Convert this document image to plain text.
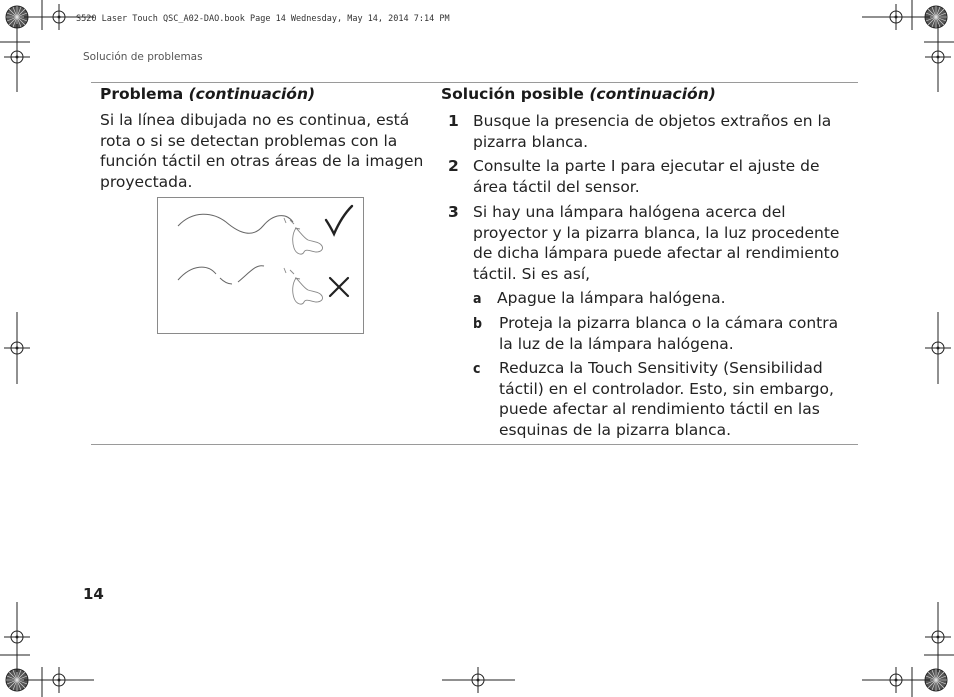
S520 Laser Touch QSC_A02-DAO.book Page 14 Wednesday, May 14, 2014 7:14 PM
Solución de problemas
Problema (continuación)	Solución posible (continuación)
Si la línea dibujada no es continua, está rota o si se detectan problemas con la función táctil en otras áreas de la imagen proyectada.
1 Busque la presencia de objetos extraños en la pizarra blanca.
2 Consulte la parte I para ejecutar el ajuste de área táctil del sensor.
3 Si hay una lámpara halógena acerca del proyector y la pizarra blanca, la luz procedente de dicha lámpara puede afectar al rendimiento táctil. Si es así,
a Apague la lámpara halógena.
b Proteja la pizarra blanca o la cámara contra la luz de la lámpara halógena.
c Reduzca la Touch Sensitivity (Sensibilidad táctil) en el controlador. Esto, sin embargo, puede afectar al rendimiento táctil en las esquinas de la pizarra blanca.
14
